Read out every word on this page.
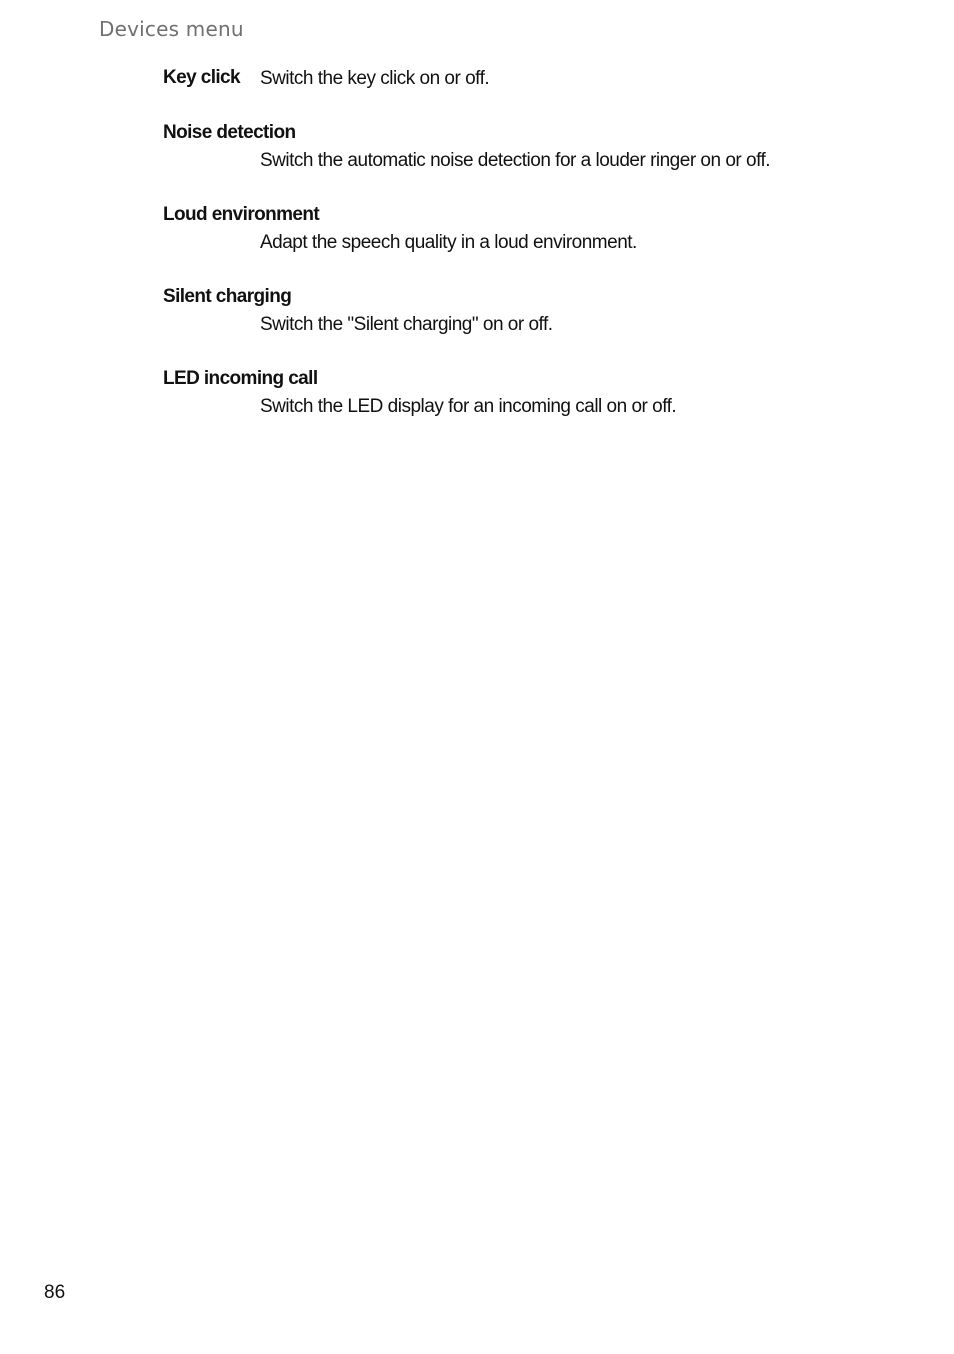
Devices menu
Key click Switch the key click on or off.
Noise detection
Switch the automatic noise detection for a louder ringer on or off.
Loud environment
Adapt the speech quality in a loud environment.
Silent charging
Switch the "Silent charging" on or off.
LED incoming call
Switch the LED display for an incoming call on or off.
86
